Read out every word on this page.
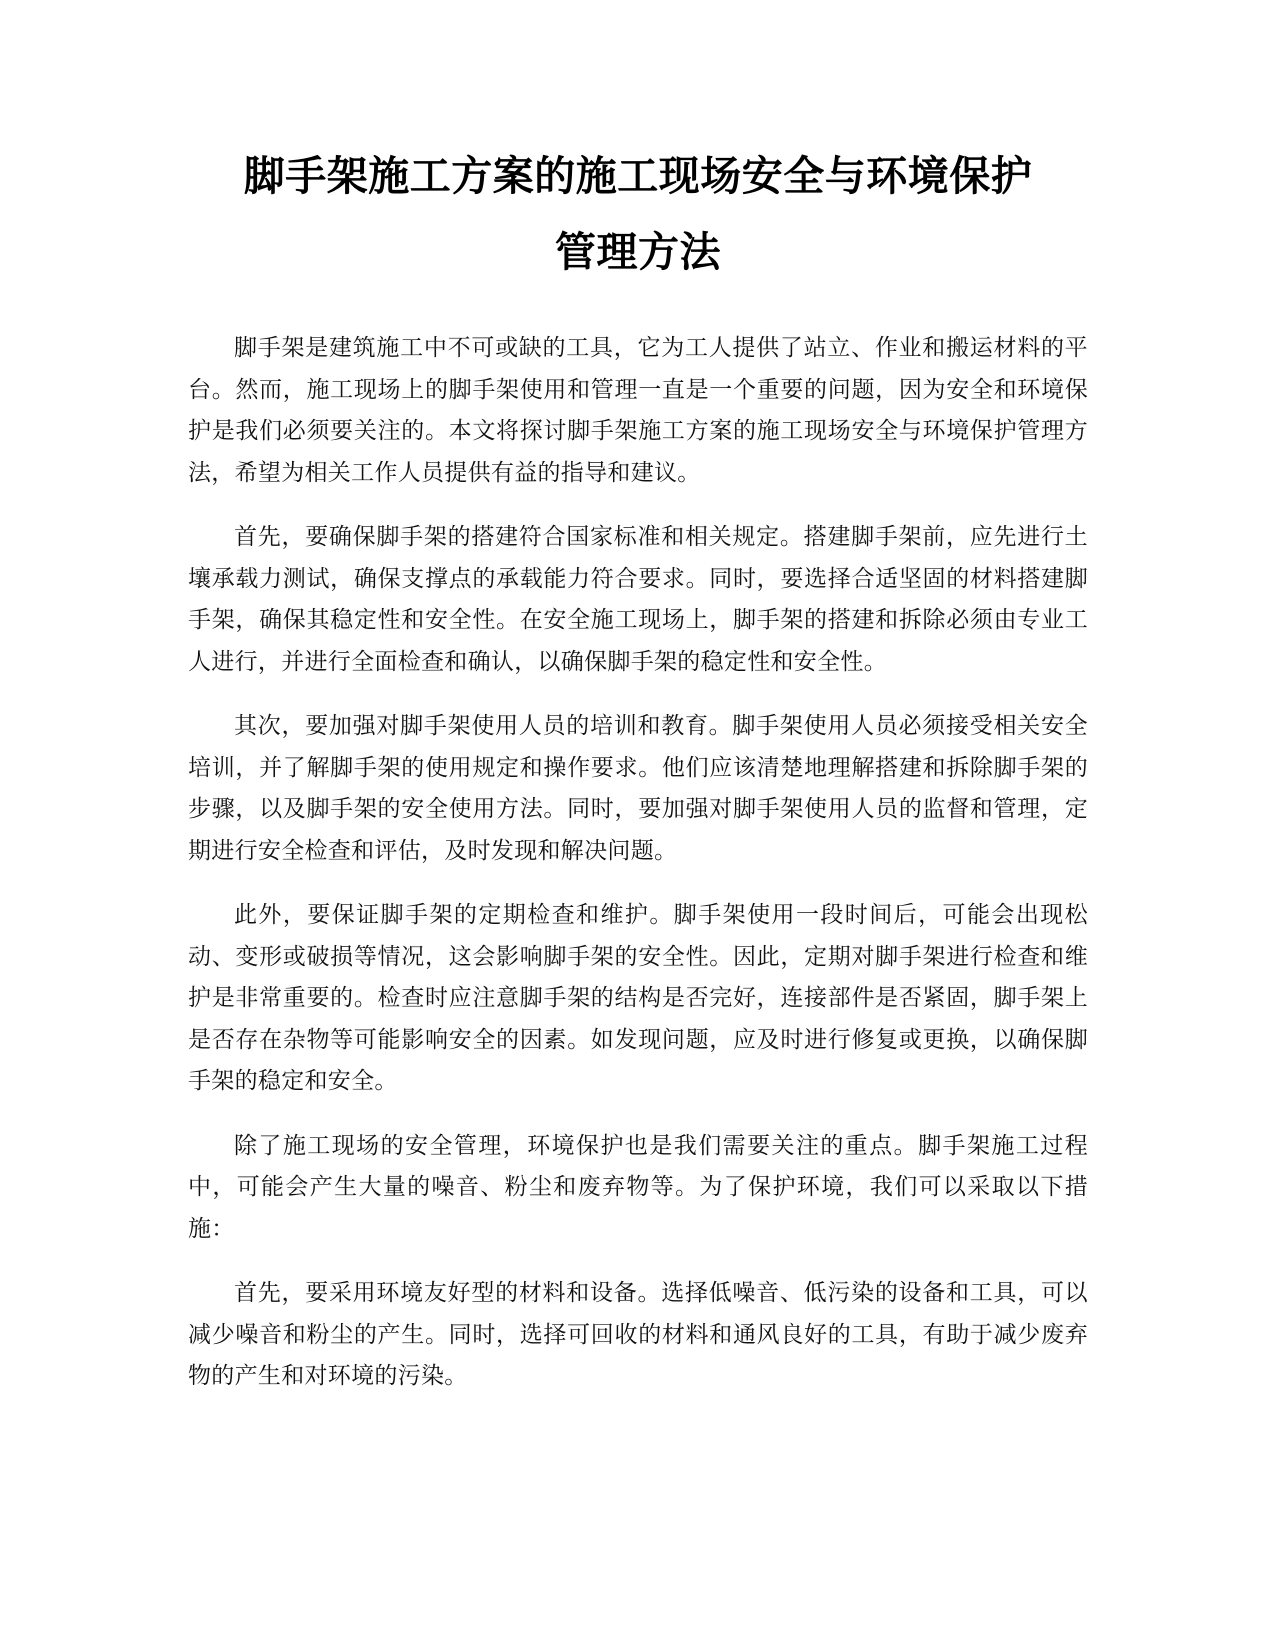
脚手架施工方案的施工现场安全与环境保护
管理方法

脚手架是建筑施工中不可或缺的工具，它为工人提供了站立、作业和搬运材料的平台。然而，施工现场上的脚手架使用和管理一直是一个重要的问题，因为安全和环境保护是我们必须要关注的。本文将探讨脚手架施工方案的施工现场安全与环境保护管理方法，希望为相关工作人员提供有益的指导和建议。

首先，要确保脚手架的搭建符合国家标准和相关规定。搭建脚手架前，应先进行土壤承载力测试，确保支撑点的承载能力符合要求。同时，要选择合适坚固的材料搭建脚手架，确保其稳定性和安全性。在安全施工现场上，脚手架的搭建和拆除必须由专业工人进行，并进行全面检查和确认，以确保脚手架的稳定性和安全性。

其次，要加强对脚手架使用人员的培训和教育。脚手架使用人员必须接受相关安全培训，并了解脚手架的使用规定和操作要求。他们应该清楚地理解搭建和拆除脚手架的步骤，以及脚手架的安全使用方法。同时，要加强对脚手架使用人员的监督和管理，定期进行安全检查和评估，及时发现和解决问题。

此外，要保证脚手架的定期检查和维护。脚手架使用一段时间后，可能会出现松动、变形或破损等情况，这会影响脚手架的安全性。因此，定期对脚手架进行检查和维护是非常重要的。检查时应注意脚手架的结构是否完好，连接部件是否紧固，脚手架上是否存在杂物等可能影响安全的因素。如发现问题，应及时进行修复或更换，以确保脚手架的稳定和安全。

除了施工现场的安全管理，环境保护也是我们需要关注的重点。脚手架施工过程中，可能会产生大量的噪音、粉尘和废弃物等。为了保护环境，我们可以采取以下措施：

首先，要采用环境友好型的材料和设备。选择低噪音、低污染的设备和工具，可以减少噪音和粉尘的产生。同时，选择可回收的材料和通风良好的工具，有助于减少废弃物的产生和对环境的污染。
